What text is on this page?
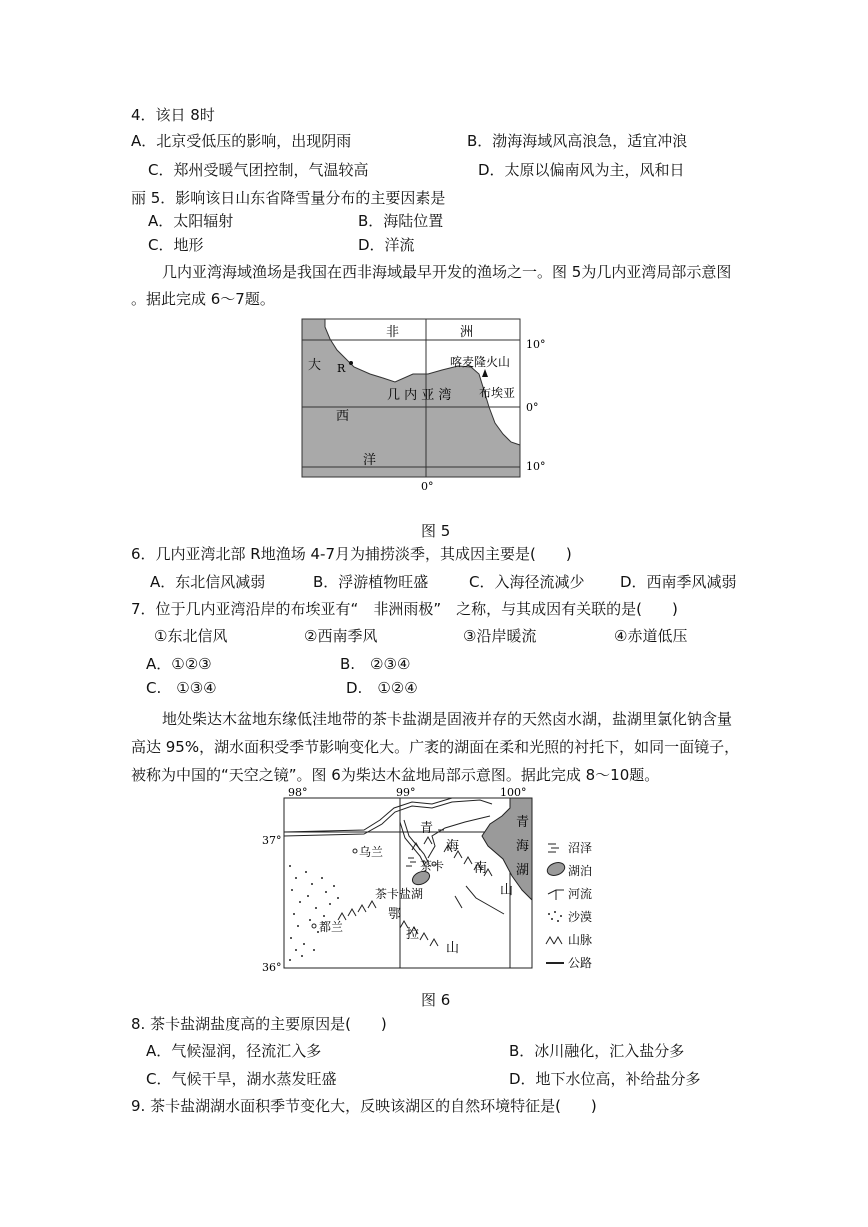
4．该日 8时
A．北京受低压的影响，出现阴雨	B．渤海海域风高浪急，适宜冲浪
C．郑州受暖气团控制，气温较高	D．太原以偏南风为主，风和日
丽 5．影响该日山东省降雪量分布的主要因素是
A．太阳辐射	B．海陆位置
C．地形	D．洋流
几内亚湾海域渔场是我国在西非海域最早开发的渔场之一。图 5为几内亚湾局部示意图
。据此完成 6～7题。
非	洲
大 R	喀麦隆火山
几 内 亚 湾 布埃亚
西
洋
10°
0°
10°
0°
图 5
6．几内亚湾北部 R地渔场 4-7月为捕捞淡季，其成因主要是(　　)
A．东北信风减弱	B．浮游植物旺盛	C．入海径流减少 D．西南季风减弱
7．位于几内亚湾沿岸的布埃亚有“　非洲雨极”　之称，与其成因有关联的是(　　)
①东北信风	②西南季风	③沿岸暖流	④赤道低压
A．①②③	B.　②③④
C.　①③④	D.　①②④
地处柴达木盆地东缘低洼地带的茶卡盐湖是固液并存的天然卤水湖，盐湖里氯化钠含量
高达 95%，湖水面积受季节影响变化大。广袤的湖面在柔和光照的衬托下，如同一面镜子，
被称为中国的“天空之镜”。图 6为柴达木盆地局部示意图。据此完成 8～10题。
98°	99°	100°
37°
36°
乌兰
都兰
茶卡
茶卡盐湖
青
海
南
山
鄂
拉
山
青
海
湖
沼泽
湖泊
河流
沙漠
山脉
公路
图 6
8. 茶卡盐湖盐度高的主要原因是(　　)
A．气候湿润，径流汇入多	B．冰川融化，汇入盐分多
C．气候干旱，湖水蒸发旺盛	D．地下水位高，补给盐分多
9. 茶卡盐湖湖水面积季节变化大，反映该湖区的自然环境特征是(　　)
